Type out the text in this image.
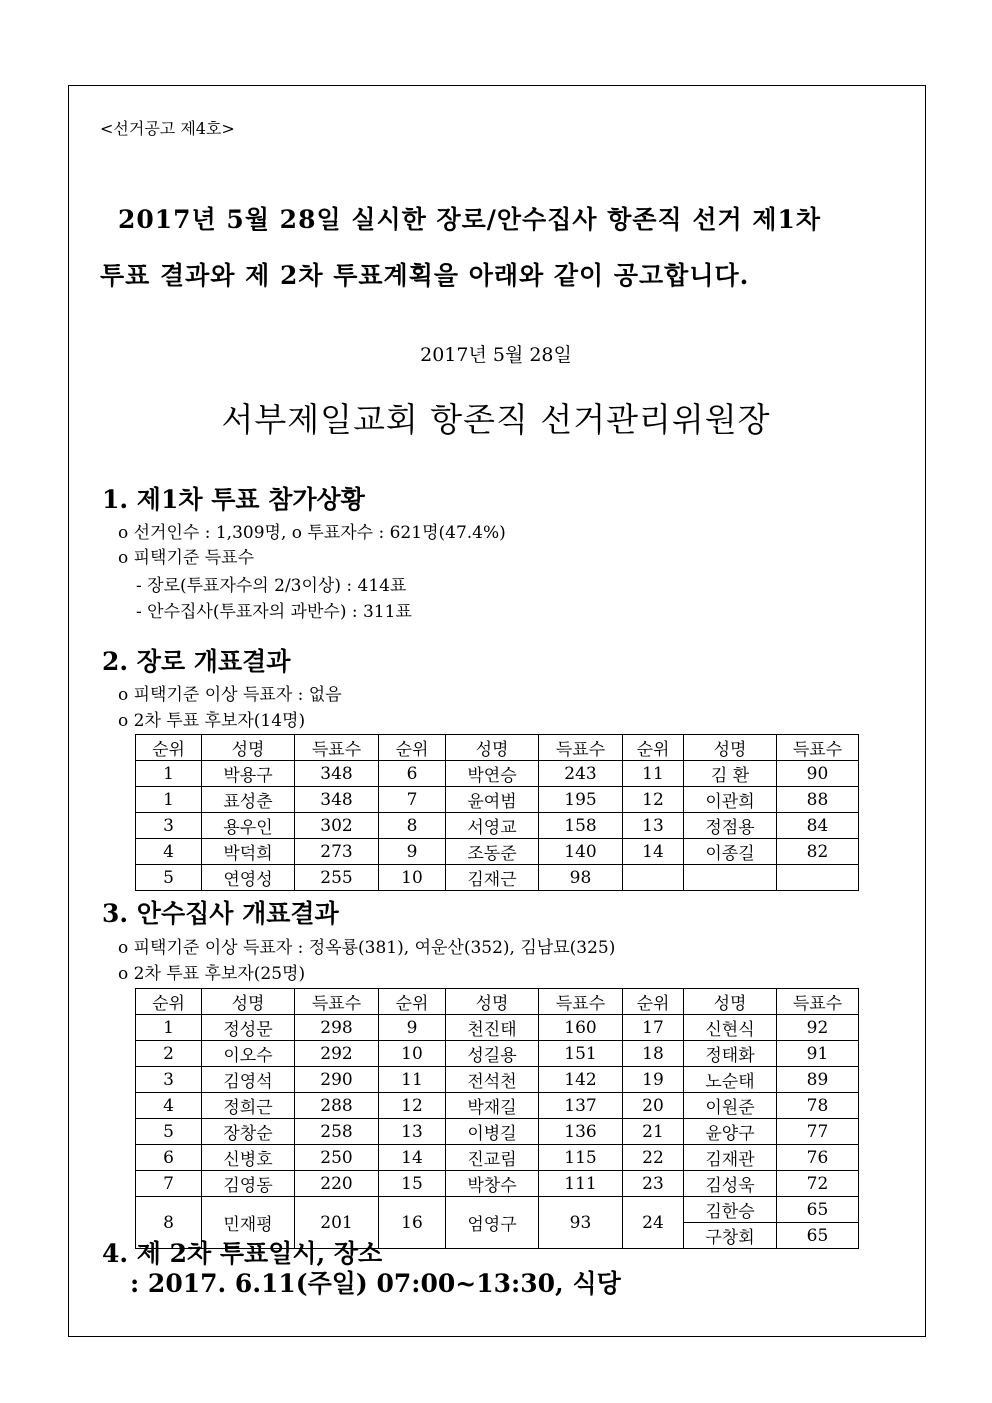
<선거공고 제4호>
2017년 5월 28일 실시한 장로/안수집사 항존직 선거 제1차
투표 결과와 제 2차 투표계획을 아래와 같이 공고합니다.
2017년 5월 28일
서부제일교회 항존직 선거관리위원장
1. 제1차 투표 참가상황
o 선거인수 : 1,309명, o 투표자수 : 621명(47.4%)
o 피택기준 득표수
- 장로(투표자수의 2/3이상) : 414표
- 안수집사(투표자의 과반수) : 311표
2. 장로 개표결과
o 피택기준 이상 득표자 : 없음
o 2차 투표 후보자(14명)
순위	성명	득표수	순위	성명	득표수	순위	성명	득표수
1	박용구	348	6	박연승	243	11	김 환	90
1	표성춘	348	7	윤여범	195	12	이관희	88
3	용우인	302	8	서영교	158	13	정점용	84
4	박덕희	273	9	조동준	140	14	이종길	82
5	연영성	255	10	김재근	98			
3. 안수집사 개표결과
o 피택기준 이상 득표자 : 정옥룡(381), 여운산(352), 김남묘(325)
o 2차 투표 후보자(25명)
순위	성명	득표수	순위	성명	득표수	순위	성명	득표수
1	정성문	298	9	천진태	160	17	신현식	92
2	이오수	292	10	성길용	151	18	정태화	91
3	김영석	290	11	전석천	142	19	노순태	89
4	정희근	288	12	박재길	137	20	이원준	78
5	장창순	258	13	이병길	136	21	윤양구	77
6	신병호	250	14	진교림	115	22	김재관	76
7	김영동	220	15	박창수	111	23	김성욱	72
8	민재평	201	16	엄영구	93	24	김한승	65
							구창회	65
4. 제 2차 투표일시, 장소
: 2017. 6.11(주일) 07:00~13:30, 식당
